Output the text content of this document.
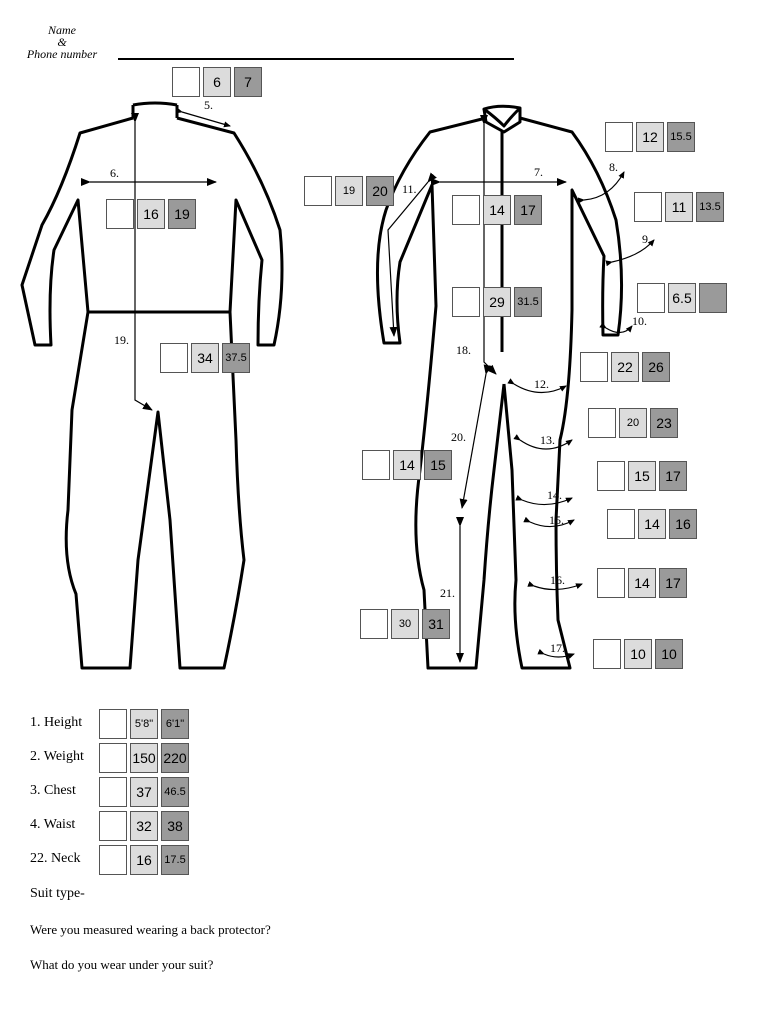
Name
&
Phone number
5.
6.
19.
7.
11.
8.
9.
10.
18.
12.
20.	13.
14.
15.
16.
21.
17.
6	7
16	19
34	37.5
19	20
14	17
29	31.5
12	15.5
11	13.5
6.5
22	26
20	23
15	17
14	16
14	17
10	10
14	15
30	31
1. Height	5'8"	6'1"
2. Weight	150 220
3. Chest	37	46.5
4. Waist	32	38
22. Neck	16	17.5
Suit type-
Were you measured wearing a back protector?
What do you wear under your suit?
